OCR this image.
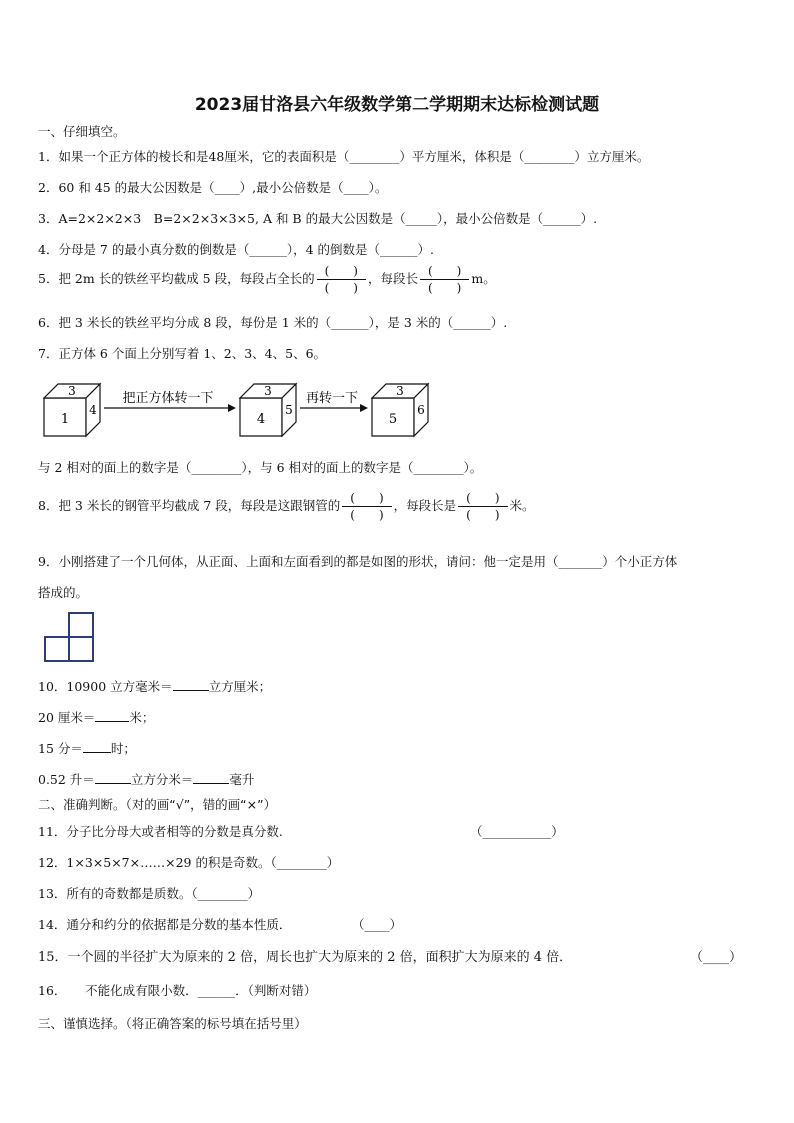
2023届甘洛县六年级数学第二学期期末达标检测试题
一、仔细填空。
1．如果一个正方体的棱长和是48厘米，它的表面积是（________）平方厘米，体积是（________）立方厘米。
2．60 和 45 的最大公因数是（____）,最小公倍数是（____）。
3．A=2×2×2×3　B=2×2×3×3×5, A 和 B 的最大公因数是（_____），最小公倍数是（______）.
4．分母是 7 的最小真分数的倒数是（______），4 的倒数是（______）.
5．把 2m 长的铁丝平均截成 5 段，每段占全长的 $\frac{( )}{( )}$ ，每段长 $\frac{( )}{( )}$ m。
6．把 3 米长的铁丝平均分成 8 段，每份是 1 米的（______），是 3 米的（______）.
7．正方体 6 个面上分别写着 1、2、3、4、5、6。
3
1
4
把正方体转一下	3
4
5
再转一下	3
5
6
与 2 相对的面上的数字是（________），与 6 相对的面上的数字是（________）。
8．把 3 米长的钢管平均截成 7 段，每段是这跟钢管的 $\frac{( )}{( )}$ ，每段长是 $\frac{( )}{( )}$ 米。
9．小刚搭建了一个几何体，从正面、上面和左面看到的都是如图的形状，请问：他一定是用（_______）个小正方体
搭成的。
10．10900 立方毫米＝	立方厘米；
20 厘米＝	米；
15 分＝ 时；
0.52 升＝	立方分米＝	毫升
二、准确判断。（对的画“√”，错的画“×”）
11．分子比分母大或者相等的分数是真分数.	（___________）
12．1×3×5×7×……×29 的积是奇数。（________）
13．所有的奇数都是质数。（________）
14．通分和约分的依据都是分数的基本性质．	（____）
15．一个圆的半径扩大为原来的 2 倍，周长也扩大为原来的 2 倍，面积扩大为原来的 4 倍．	（____）
16．　　不能化成有限小数．______．（判断对错）
三、谨慎选择。（将正确答案的标号填在括号里）
